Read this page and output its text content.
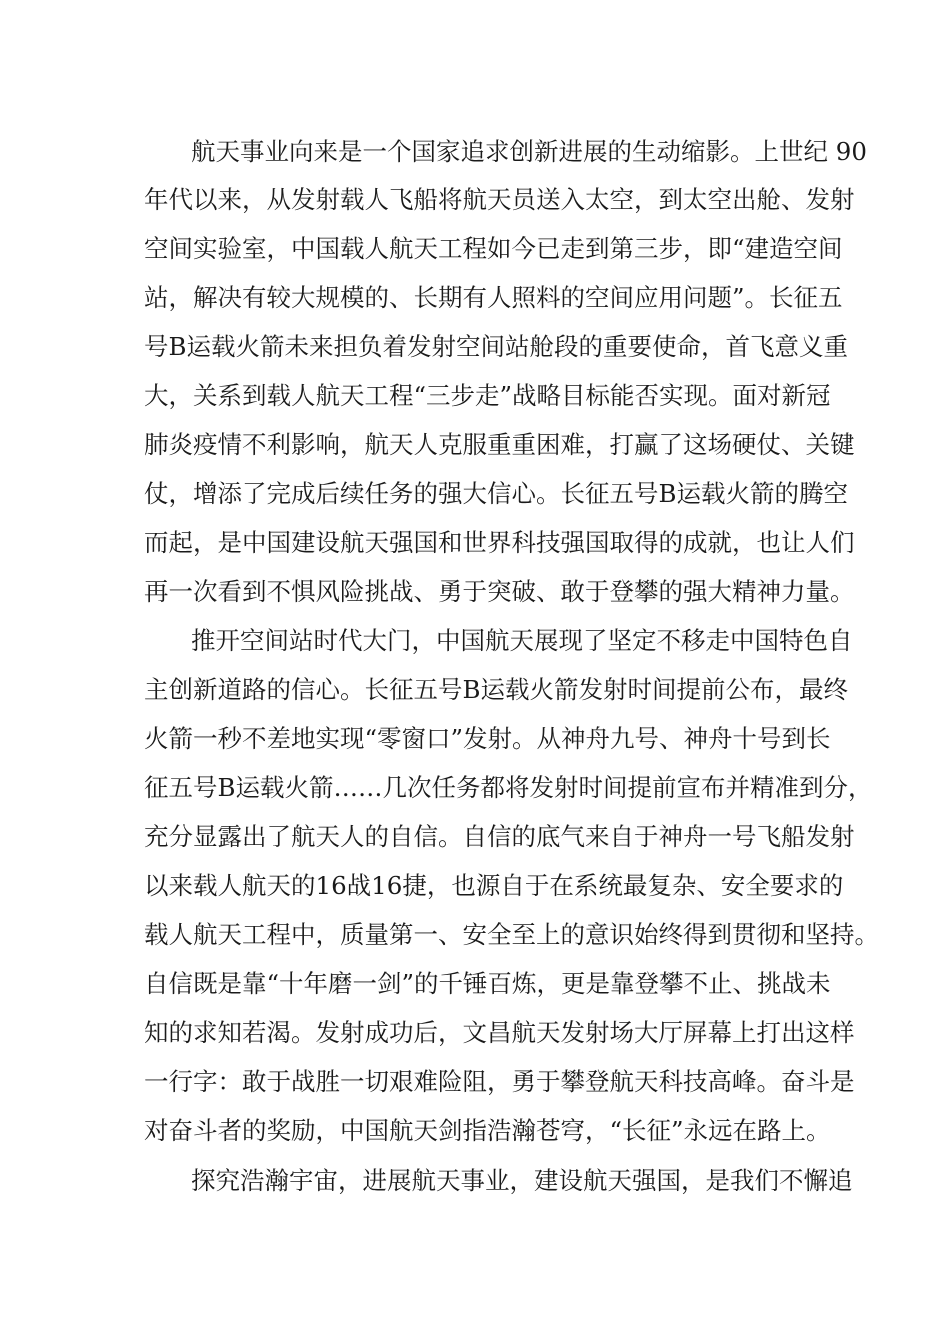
航天事业向来是一个国家追求创新进展的生动缩影。上世纪 90
年代以来，从发射载人飞船将航天员送入太空，到太空出舱、发射
空间实验室，中国载人航天工程如今已走到第三步，即“建造空间
站，解决有较大规模的、长期有人照料的空间应用问题”。长征五
号B运载火箭未来担负着发射空间站舱段的重要使命，首飞意义重
大，关系到载人航天工程“三步走”战略目标能否实现。面对新冠
肺炎疫情不利影响，航天人克服重重困难，打赢了这场硬仗、关键
仗，增添了完成后续任务的强大信心。长征五号B运载火箭的腾空
而起，是中国建设航天强国和世界科技强国取得的成就，也让人们
再一次看到不惧风险挑战、勇于突破、敢于登攀的强大精神力量。
推开空间站时代大门，中国航天展现了坚定不移走中国特色自
主创新道路的信心。长征五号B运载火箭发射时间提前公布，最终
火箭一秒不差地实现“零窗口”发射。从神舟九号、神舟十号到长
征五号B运载火箭……几次任务都将发射时间提前宣布并精准到分，
充分显露出了航天人的自信。自信的底气来自于神舟一号飞船发射
以来载人航天的16战16捷，也源自于在系统最复杂、安全要求的
载人航天工程中，质量第一、安全至上的意识始终得到贯彻和坚持。
自信既是靠“十年磨一剑”的千锤百炼，更是靠登攀不止、挑战未
知的求知若渴。发射成功后，文昌航天发射场大厅屏幕上打出这样
一行字：敢于战胜一切艰难险阻，勇于攀登航天科技高峰。奋斗是
对奋斗者的奖励，中国航天剑指浩瀚苍穹，“长征”永远在路上。
探究浩瀚宇宙，进展航天事业，建设航天强国，是我们不懈追
